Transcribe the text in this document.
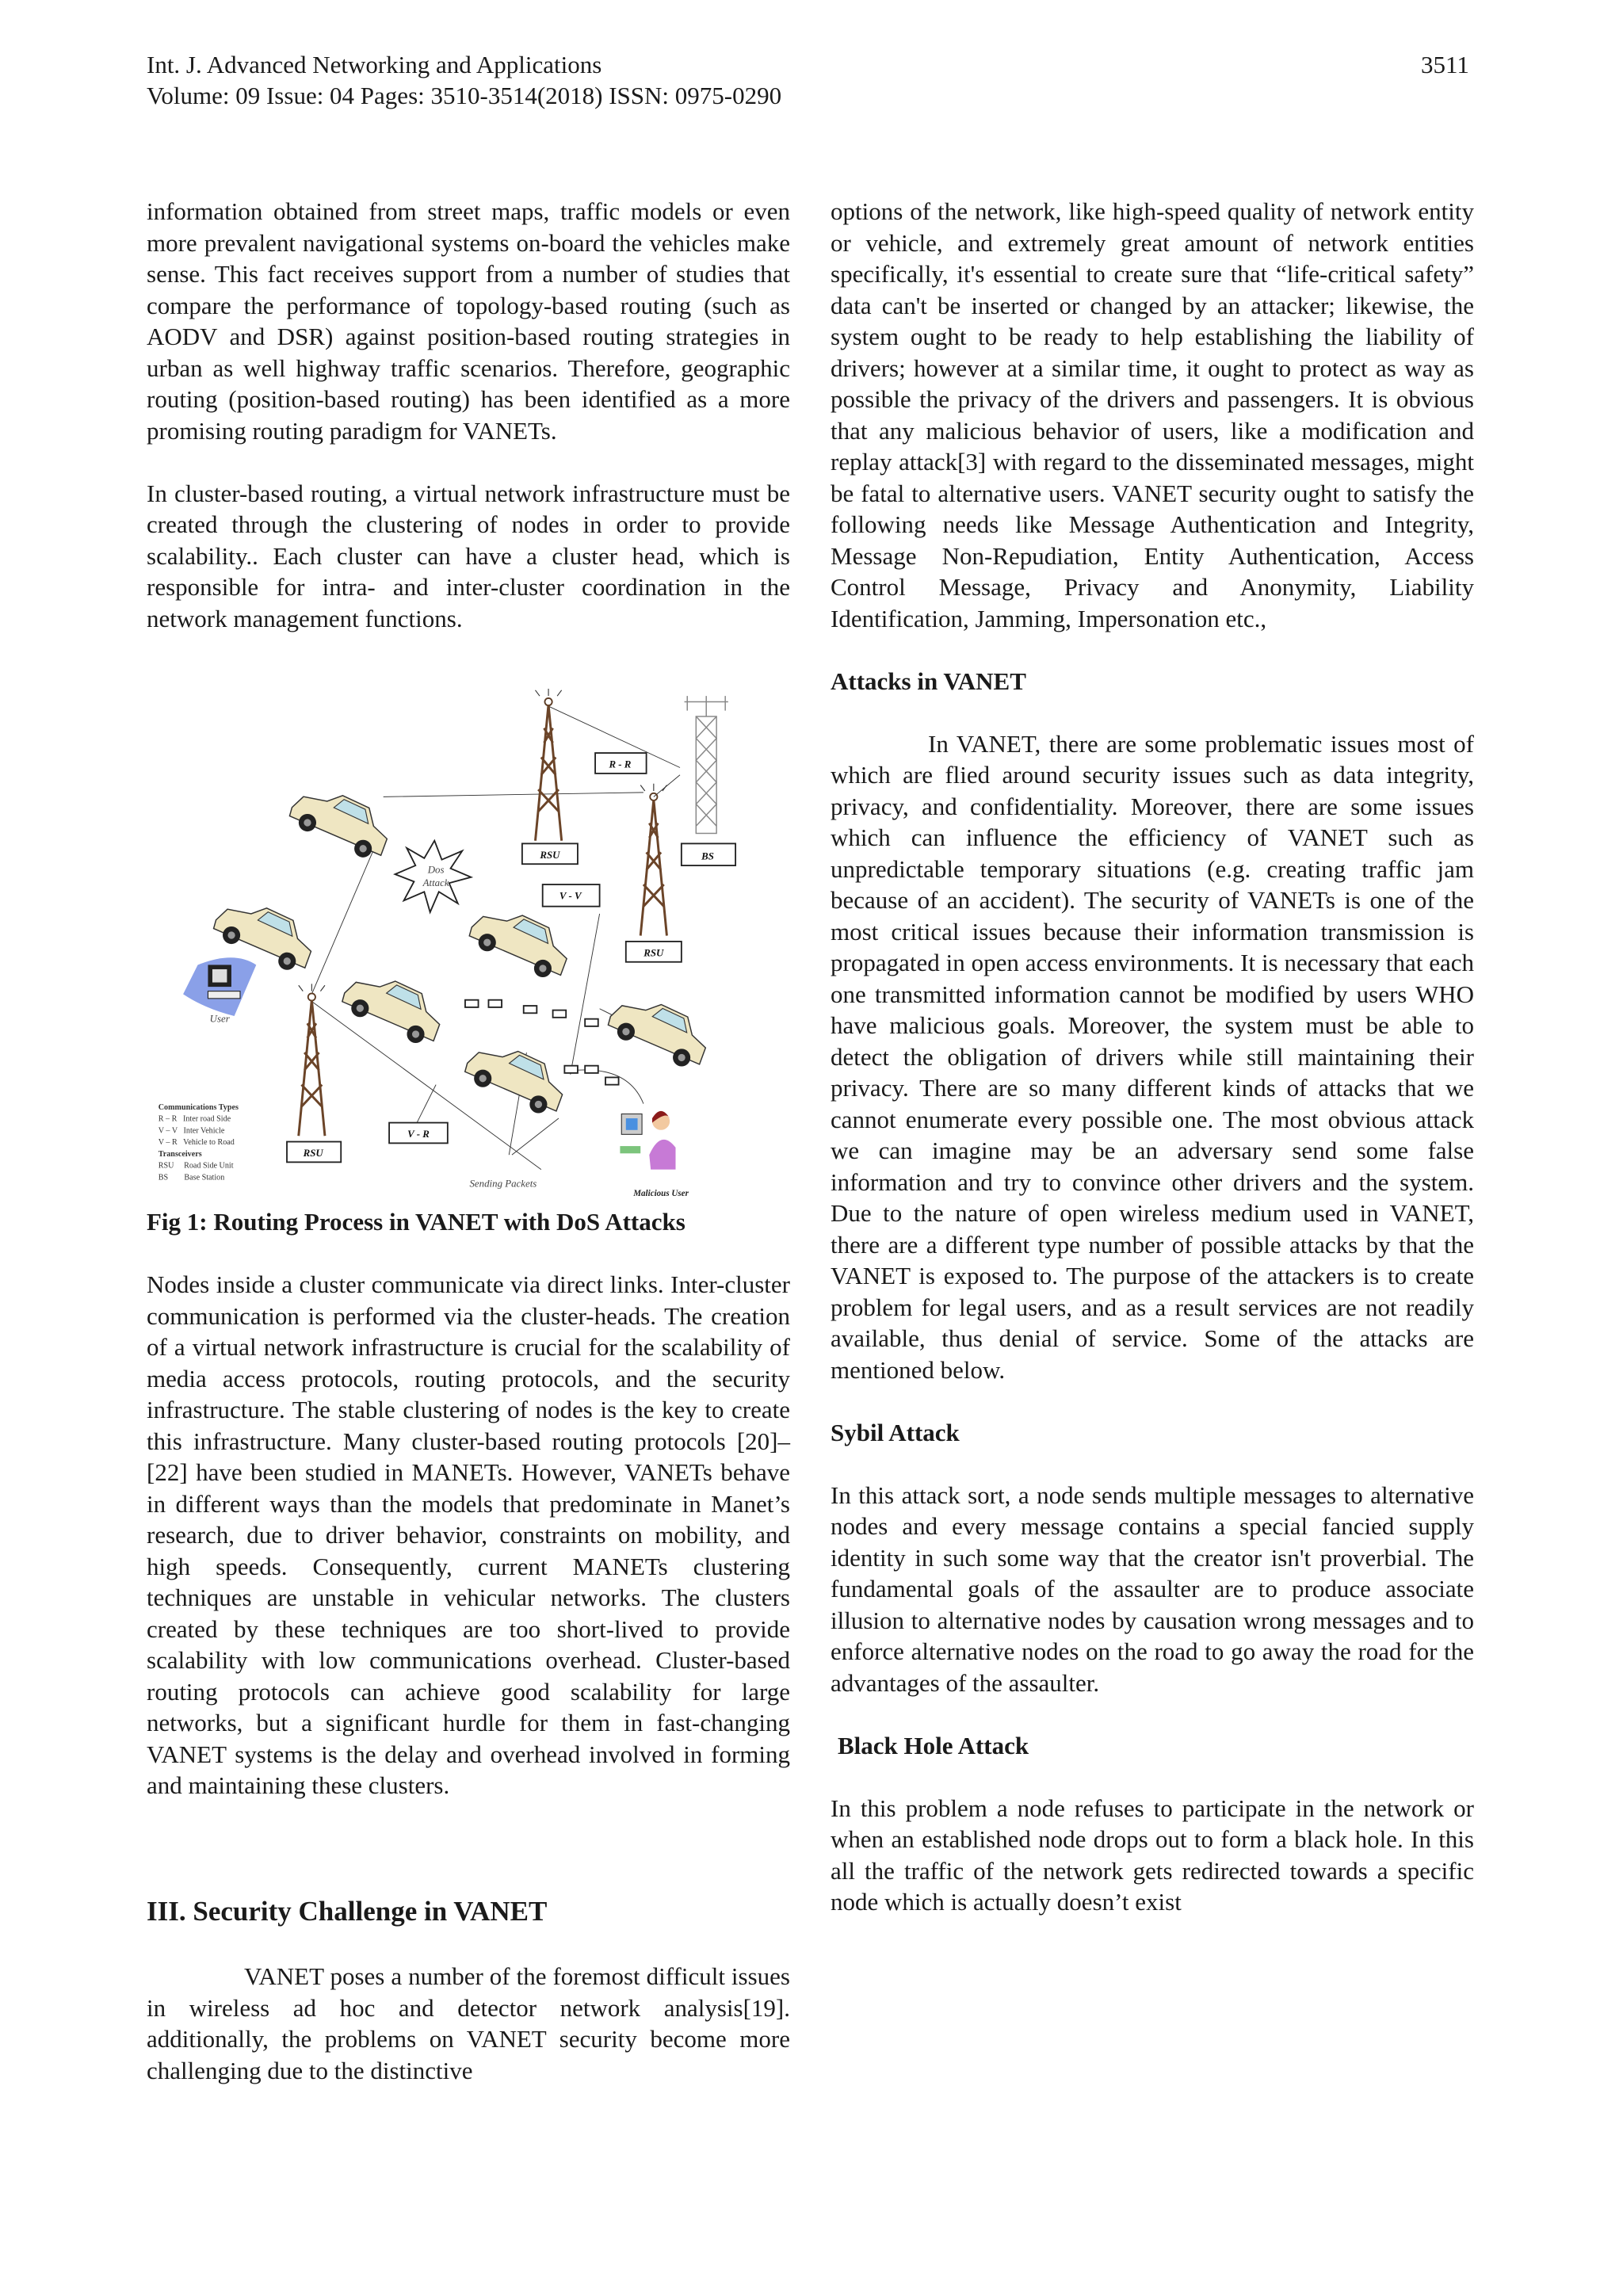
Int. J. Advanced Networking and Applications
Volume: 09 Issue: 04 Pages: 3510-3514(2018) ISSN: 0975-0290
3511

information obtained from street maps, traffic models or even more prevalent navigational systems on-board the vehicles make sense. This fact receives support from a number of studies that compare the performance of topology-based routing (such as AODV and DSR) against position-based routing strategies in urban as well highway traffic scenarios. Therefore, geographic routing (position-based routing) has been identified as a more promising routing paradigm for VANETs.

In cluster-based routing, a virtual network infrastructure must be created through the clustering of nodes in order to provide scalability.. Each cluster can have a cluster head, which is responsible for intra- and inter-cluster coordination in the network management functions.

Dos
Attack
R - R
RSU	BS
V - V
RSU
V - R
RSU
User
Sending Packets
Malicious User
Communications Types
R – R   Inter road Side
V – V   Inter Vehicle
V – R   Vehicle to Road
Transceivers
RSU     Road Side Unit
BS        Base Station
Fig 1: Routing Process in VANET with DoS Attacks

Nodes inside a cluster communicate via direct links. Inter-cluster communication is performed via the cluster-heads. The creation of a virtual network infrastructure is crucial for the scalability of media access protocols, routing protocols, and the security infrastructure. The stable clustering of nodes is the key to create this infrastructure. Many cluster-based routing protocols [20]–[22] have been studied in MANETs. However, VANETs behave in different ways than the models that predominate in Manet’s research, due to driver behavior, constraints on mobility, and high speeds. Consequently, current MANETs clustering techniques are unstable in vehicular networks. The clusters created by these techniques are too short-lived to provide scalability with low communications overhead. Cluster-based routing protocols can achieve good scalability for large networks, but a significant hurdle for them in fast-changing VANET systems is the delay and overhead involved in forming and maintaining these clusters.

III. Security Challenge in VANET

VANET poses a number of the foremost difficult issues in wireless ad hoc and detector network analysis[19]. additionally, the problems on VANET security become more challenging due to the distinctive

options of the network, like high-speed quality of network entity or vehicle, and extremely great amount of network entities specifically, it's essential to create sure that “life-critical safety” data can't be inserted or changed by an attacker; likewise, the system ought to be ready to help establishing the liability of drivers; however at a similar time, it ought to protect as way as possible the privacy of the drivers and passengers. It is obvious that any malicious behavior of users, like a modification and replay attack[3] with regard to the disseminated messages, might be fatal to alternative users. VANET security ought to satisfy the following needs like Message Authentication and Integrity, Message Non-Repudiation, Entity Authentication, Access Control Message, Privacy and Anonymity, Liability Identification, Jamming, Impersonation etc.,

Attacks in VANET

In VANET, there are some problematic issues most of which are flied around security issues such as data integrity, privacy, and confidentiality. Moreover, there are some issues which can influence the efficiency of VANET such as unpredictable temporary situations (e.g. creating traffic jam because of an accident). The security of VANETs is one of the most critical issues because their information transmission is propagated in open access environments. It is necessary that each one transmitted information cannot be modified by users WHO have malicious goals. Moreover, the system must be able to detect the obligation of drivers while still maintaining their privacy. There are so many different kinds of attacks that we cannot enumerate every possible one. The most obvious attack we can imagine may be an adversary send some false information and try to convince other drivers and the system. Due to the nature of open wireless medium used in VANET, there are a different type number of possible attacks by that the VANET is exposed to. The purpose of the attackers is to create problem for legal users, and as a result services are not readily available, thus denial of service. Some of the attacks are mentioned below.

Sybil Attack

In this attack sort, a node sends multiple messages to alternative nodes and every message contains a special fancied supply identity in such some way that the creator isn't proverbial. The fundamental goals of the assaulter are to produce associate illusion to alternative nodes by causation wrong messages and to enforce alternative nodes on the road to go away the road for the advantages of the assaulter.

Black Hole Attack

In this problem a node refuses to participate in the network or when an established node drops out to form a black hole. In this all the traffic of the network gets redirected towards a specific node which is actually doesn’t exist
